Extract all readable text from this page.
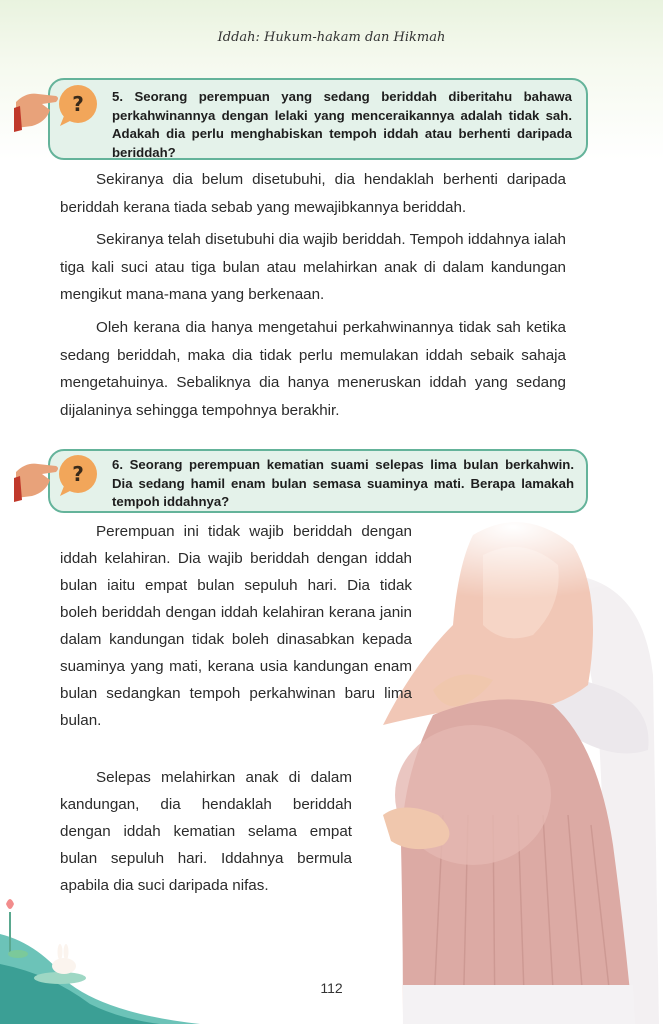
Iddah: Hukum-hakam dan Hikmah
5. Seorang perempuan yang sedang beriddah diberitahu bahawa perkahwinannya dengan lelaki yang menceraikannya adalah tidak sah. Adakah dia perlu menghabiskan tempoh iddah atau berhenti daripada beriddah?
?

Sekiranya dia belum disetubuhi, dia hendaklah berhenti daripada beriddah kerana tiada sebab yang mewajibkannya beriddah.

Sekiranya telah disetubuhi dia wajib beriddah. Tempoh iddahnya ialah tiga kali suci atau tiga bulan atau melahirkan anak di dalam kandungan mengikut mana-mana yang berkenaan.

Oleh kerana dia hanya mengetahui perkahwinannya tidak sah ketika sedang beriddah, maka dia tidak perlu memulakan iddah sebaik sahaja mengetahuinya. Sebaliknya dia hanya meneruskan iddah yang sedang dijalaninya sehingga tempohnya berakhir.

6. Seorang perempuan kematian suami selepas lima bulan berkahwin. Dia sedang hamil enam bulan semasa suaminya mati. Berapa lamakah tempoh iddahnya?
?

Perempuan ini tidak wajib beriddah dengan iddah kelahiran. Dia wajib beriddah dengan iddah bulan iaitu empat bulan sepuluh hari. Dia tidak boleh beriddah dengan iddah kelahiran kerana janin dalam kandungan tidak boleh dinasabkan kepada suaminya yang mati, kerana usia kandungan enam bulan sedangkan tempoh perkahwinan baru lima bulan.

Selepas melahirkan anak di dalam kandungan, dia hendaklah beriddah dengan iddah kematian selama empat bulan sepuluh hari. Iddahnya bermula apabila dia suci daripada nifas.

112
